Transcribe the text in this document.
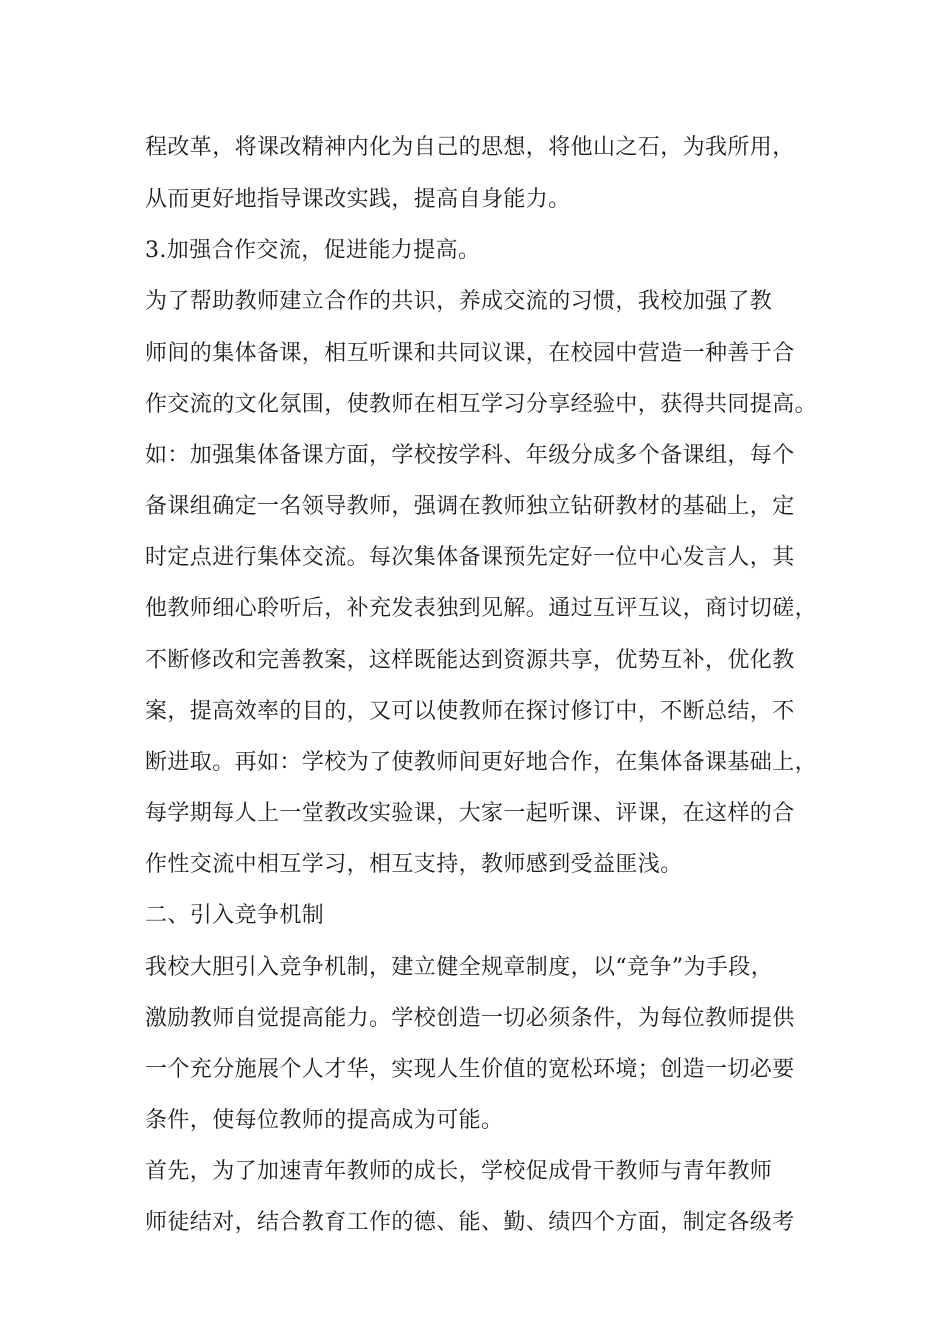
程改革，将课改精神内化为自己的思想，将他山之石，为我所用，
从而更好地指导课改实践，提高自身能力。
3.加强合作交流，促进能力提高。
为了帮助教师建立合作的共识，养成交流的习惯，我校加强了教
师间的集体备课，相互听课和共同议课，在校园中营造一种善于合
作交流的文化氛围，使教师在相互学习分享经验中，获得共同提高。
如：加强集体备课方面，学校按学科、年级分成多个备课组，每个
备课组确定一名领导教师，强调在教师独立钻研教材的基础上，定
时定点进行集体交流。每次集体备课预先定好一位中心发言人，其
他教师细心聆听后，补充发表独到见解。通过互评互议，商讨切磋，
不断修改和完善教案，这样既能达到资源共享，优势互补，优化教
案，提高效率的目的，又可以使教师在探讨修订中，不断总结，不
断进取。再如：学校为了使教师间更好地合作，在集体备课基础上，
每学期每人上一堂教改实验课，大家一起听课、评课，在这样的合
作性交流中相互学习，相互支持，教师感到受益匪浅。
二、引入竞争机制
我校大胆引入竞争机制，建立健全规章制度，以“竞争”为手段，
激励教师自觉提高能力。学校创造一切必须条件，为每位教师提供
一个充分施展个人才华，实现人生价值的宽松环境；创造一切必要
条件，使每位教师的提高成为可能。
首先，为了加速青年教师的成长，学校促成骨干教师与青年教师
师徒结对，结合教育工作的德、能、勤、绩四个方面，制定各级考
